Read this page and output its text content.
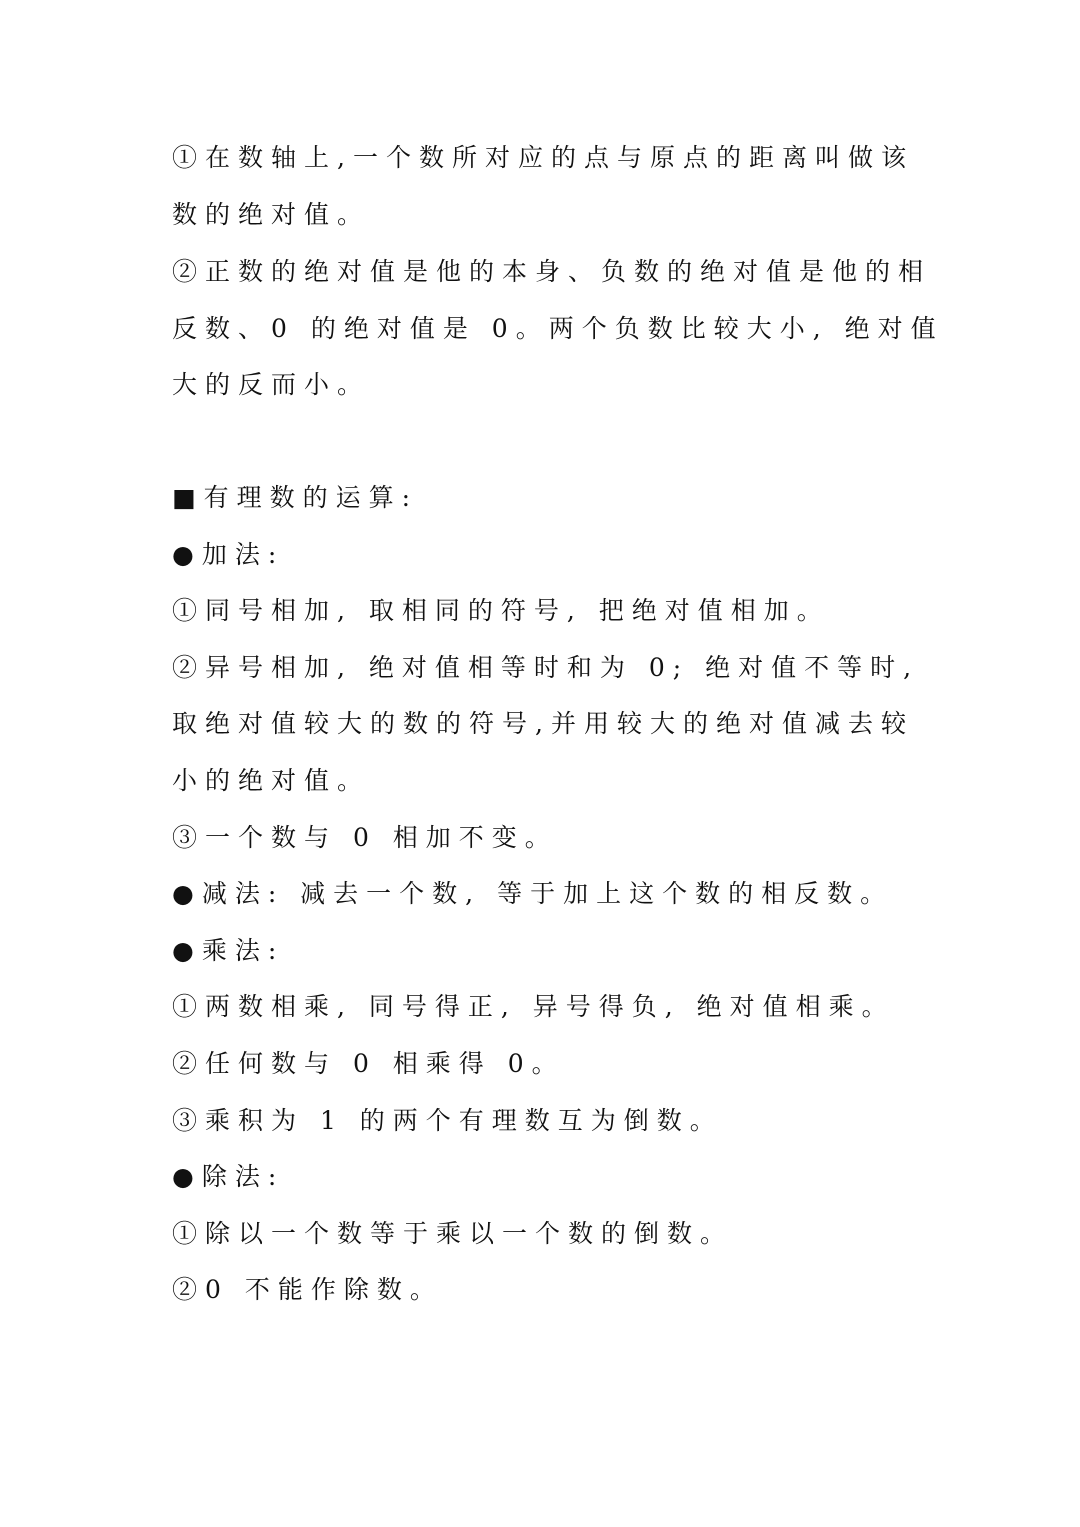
①在数轴上,一个数所对应的点与原点的距离叫做该
数的绝对值。
②正数的绝对值是他的本身、负数的绝对值是他的相
反数、0 的绝对值是 0。两个负数比较大小, 绝对值
大的反而小。
■有理数的运算:
●加法:
①同号相加, 取相同的符号, 把绝对值相加。
②异号相加, 绝对值相等时和为 0; 绝对值不等时,
取绝对值较大的数的符号,并用较大的绝对值减去较
小的绝对值。
③一个数与 0 相加不变。
●减法: 减去一个数, 等于加上这个数的相反数。
●乘法:
①两数相乘, 同号得正, 异号得负, 绝对值相乘。
②任何数与 0 相乘得 0。
③乘积为 1 的两个有理数互为倒数。
●除法:
①除以一个数等于乘以一个数的倒数。
②0 不能作除数。
